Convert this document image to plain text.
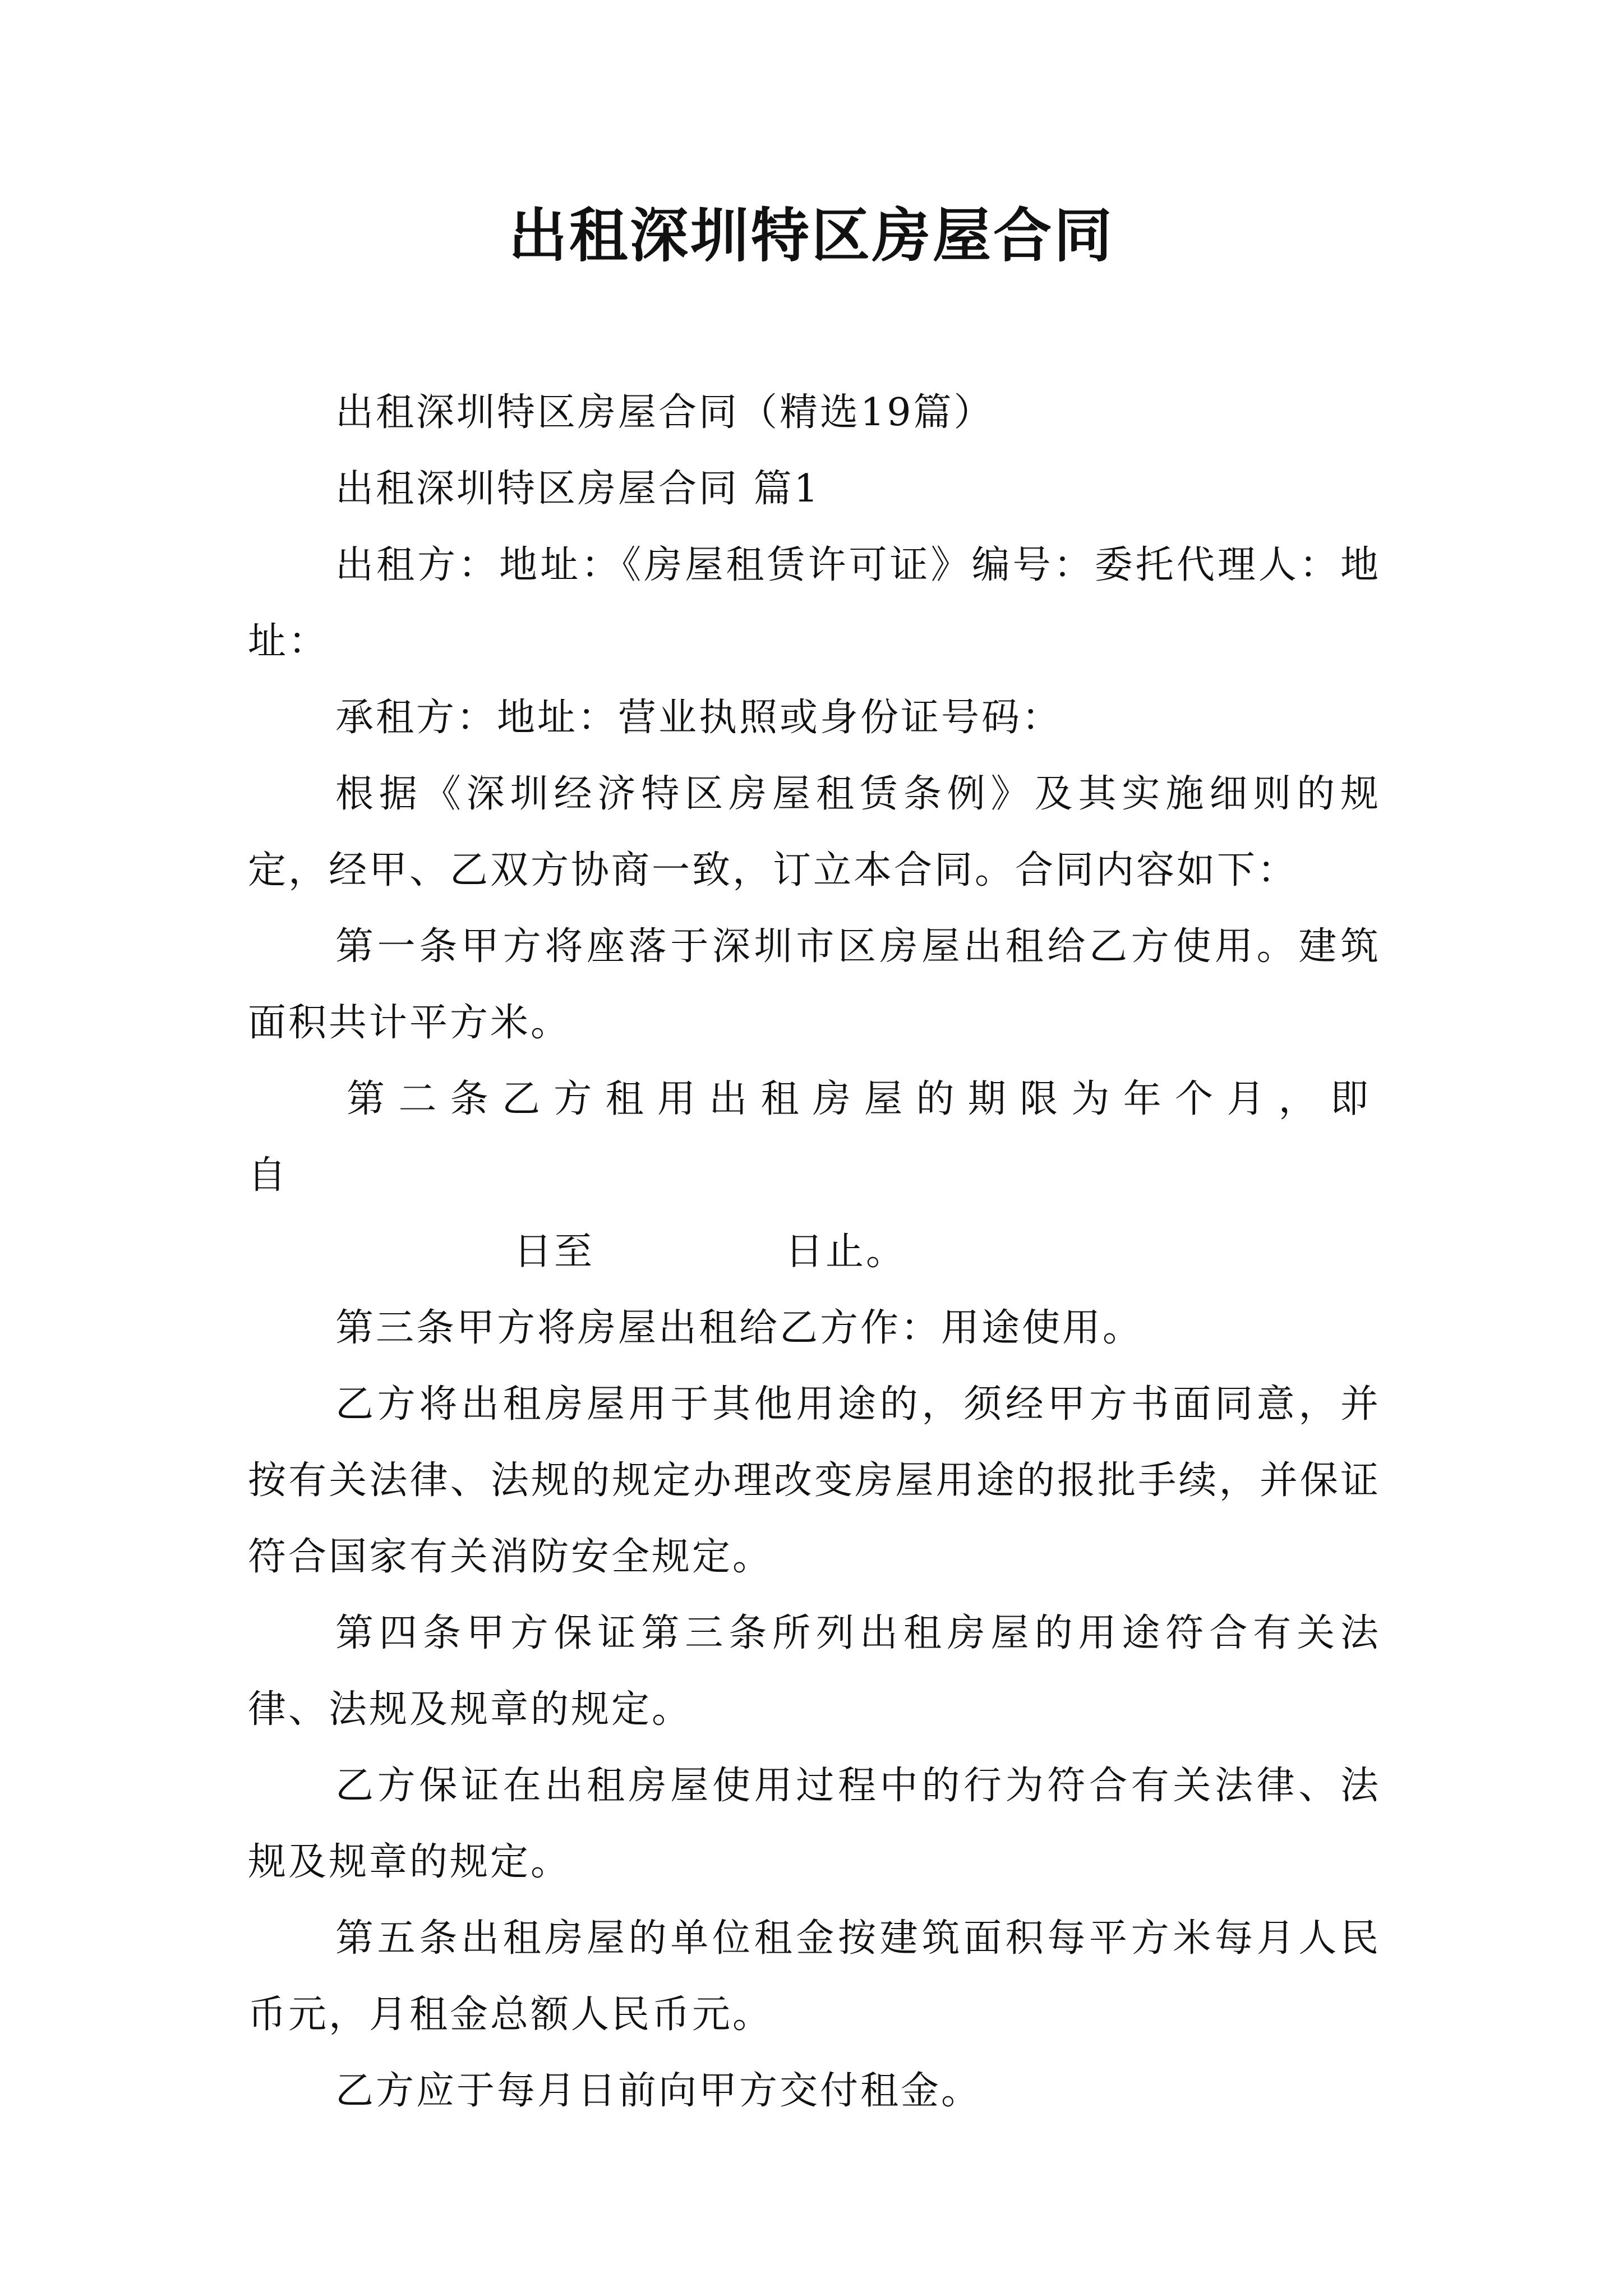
出租深圳特区房屋合同

出租深圳特区房屋合同（精选19篇）

出租深圳特区房屋合同 篇1

出租方：地址：《房屋租赁许可证》编号：委托代理人：地址：

承租方：地址：营业执照或身份证号码：

根据《深圳经济特区房屋租赁条例》及其实施细则的规定，经甲、乙双方协商一致，订立本合同。合同内容如下：

第一条甲方将座落于深圳市区房屋出租给乙方使用。建筑面积共计平方米。

第二条乙方租用出租房屋的期限为年个月，即自

日至	日止。

第三条甲方将房屋出租给乙方作：用途使用。

乙方将出租房屋用于其他用途的，须经甲方书面同意，并按有关法律、法规的规定办理改变房屋用途的报批手续，并保证符合国家有关消防安全规定。

第四条甲方保证第三条所列出租房屋的用途符合有关法律、法规及规章的规定。

乙方保证在出租房屋使用过程中的行为符合有关法律、法规及规章的规定。

第五条出租房屋的单位租金按建筑面积每平方米每月人民币元，月租金总额人民币元。

乙方应于每月日前向甲方交付租金。
